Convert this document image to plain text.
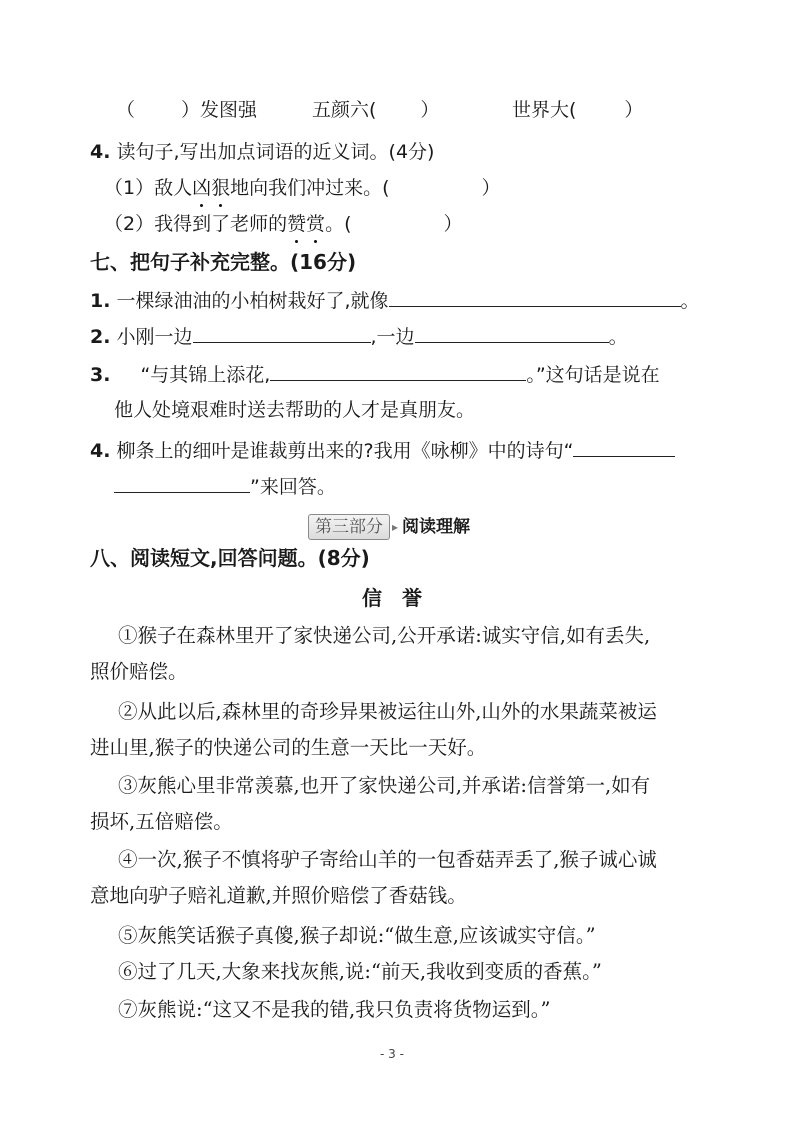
（ ）发图强	五颜六( ）	世界大(	）
4. 读句子,写出加点词语的近义词。(4分)
（1）敌人凶狠地向我们冲过来。(	）
（2）我得到了老师的赞赏。(	）
七、把句子补充完整。(16分)
1. 一棵绿油油的小柏树栽好了,就像	。
2. 小刚一边	,一边	。
3. “与其锦上添花,	。”这句话是说在
他人处境艰难时送去帮助的人才是真朋友。
4. 柳条上的细叶是谁裁剪出来的?我用《咏柳》中的诗句“
”来回答。
第三部分 ▸ 阅读理解
八、阅读短文,回答问题。(8分)
信　誉
①猴子在森林里开了家快递公司,公开承诺:诚实守信,如有丢失,
照价赔偿。
②从此以后,森林里的奇珍异果被运往山外,山外的水果蔬菜被运
进山里,猴子的快递公司的生意一天比一天好。
③灰熊心里非常羡慕,也开了家快递公司,并承诺:信誉第一,如有
损坏,五倍赔偿。
④一次,猴子不慎将驴子寄给山羊的一包香菇弄丢了,猴子诚心诚
意地向驴子赔礼道歉,并照价赔偿了香菇钱。
⑤灰熊笑话猴子真傻,猴子却说:“做生意,应该诚实守信。”
⑥过了几天,大象来找灰熊,说:“前天,我收到变质的香蕉。”
⑦灰熊说:“这又不是我的错,我只负责将货物运到。”
- 3 -
